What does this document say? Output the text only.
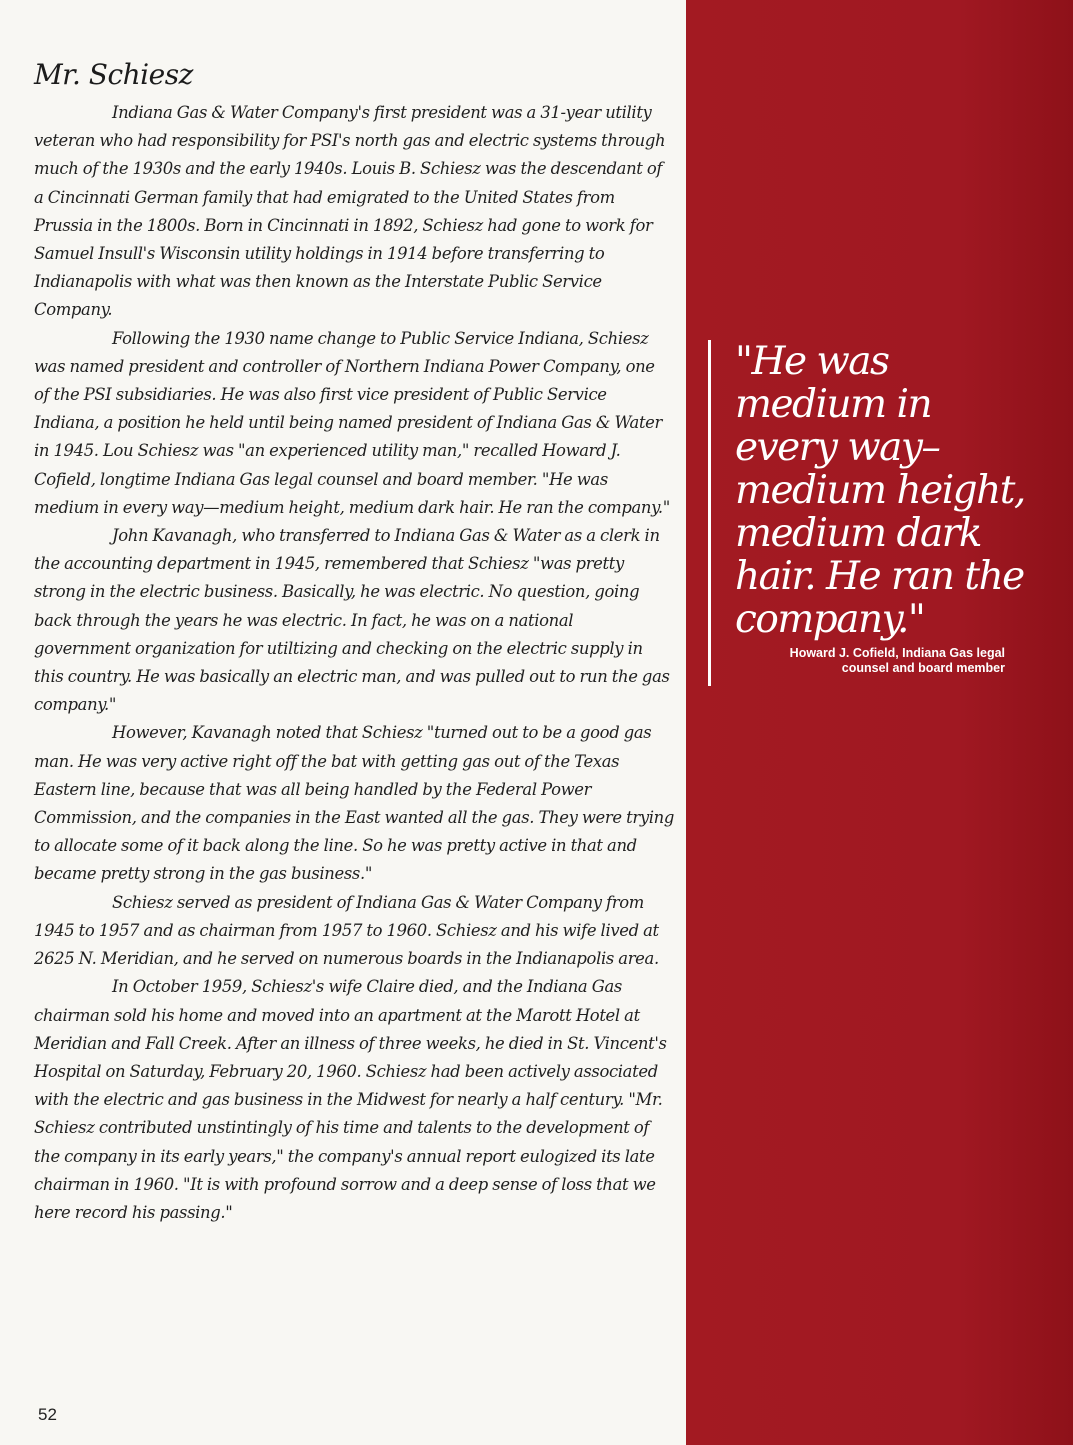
Mr. Schiesz

Indiana Gas & Water Company's first president was a 31-year utility veteran who had responsibility for PSI's north gas and electric systems through much of the 1930s and the early 1940s. Louis B. Schiesz was the descendant of a Cincinnati German family that had emigrated to the United States from Prussia in the 1800s. Born in Cincinnati in 1892, Schiesz had gone to work for Samuel Insull's Wisconsin utility holdings in 1914 before transferring to Indianapolis with what was then known as the Interstate Public Service Company.

Following the 1930 name change to Public Service Indiana, Schiesz was named president and controller of Northern Indiana Power Company, one of the PSI subsidiaries. He was also first vice president of Public Service Indiana, a position he held until being named president of Indiana Gas & Water in 1945. Lou Schiesz was "an experienced utility man," recalled Howard J. Cofield, longtime Indiana Gas legal counsel and board member. "He was medium in every way—medium height, medium dark hair. He ran the company."

John Kavanagh, who transferred to Indiana Gas & Water as a clerk in the accounting department in 1945, remembered that Schiesz "was pretty strong in the electric business. Basically, he was electric. No question, going back through the years he was electric. In fact, he was on a national government organization for utiltizing and checking on the electric supply in this country. He was basically an electric man, and was pulled out to run the gas company."

However, Kavanagh noted that Schiesz "turned out to be a good gas man. He was very active right off the bat with getting gas out of the Texas Eastern line, because that was all being handled by the Federal Power Commission, and the companies in the East wanted all the gas. They were trying to allocate some of it back along the line. So he was pretty active in that and became pretty strong in the gas business."

Schiesz served as president of Indiana Gas & Water Company from 1945 to 1957 and as chairman from 1957 to 1960. Schiesz and his wife lived at 2625 N. Meridian, and he served on numerous boards in the Indianapolis area.

In October 1959, Schiesz's wife Claire died, and the Indiana Gas chairman sold his home and moved into an apartment at the Marott Hotel at Meridian and Fall Creek. After an illness of three weeks, he died in St. Vincent's Hospital on Saturday, February 20, 1960. Schiesz had been actively associated with the electric and gas business in the Midwest for nearly a half century. "Mr. Schiesz contributed unstintingly of his time and talents to the development of the company in its early years," the company's annual report eulogized its late chairman in 1960. "It is with profound sorrow and a deep sense of loss that we here record his passing."

"He was medium in every way–medium height, medium dark hair. He ran the company."
Howard J. Cofield, Indiana Gas legal counsel and board member
52
